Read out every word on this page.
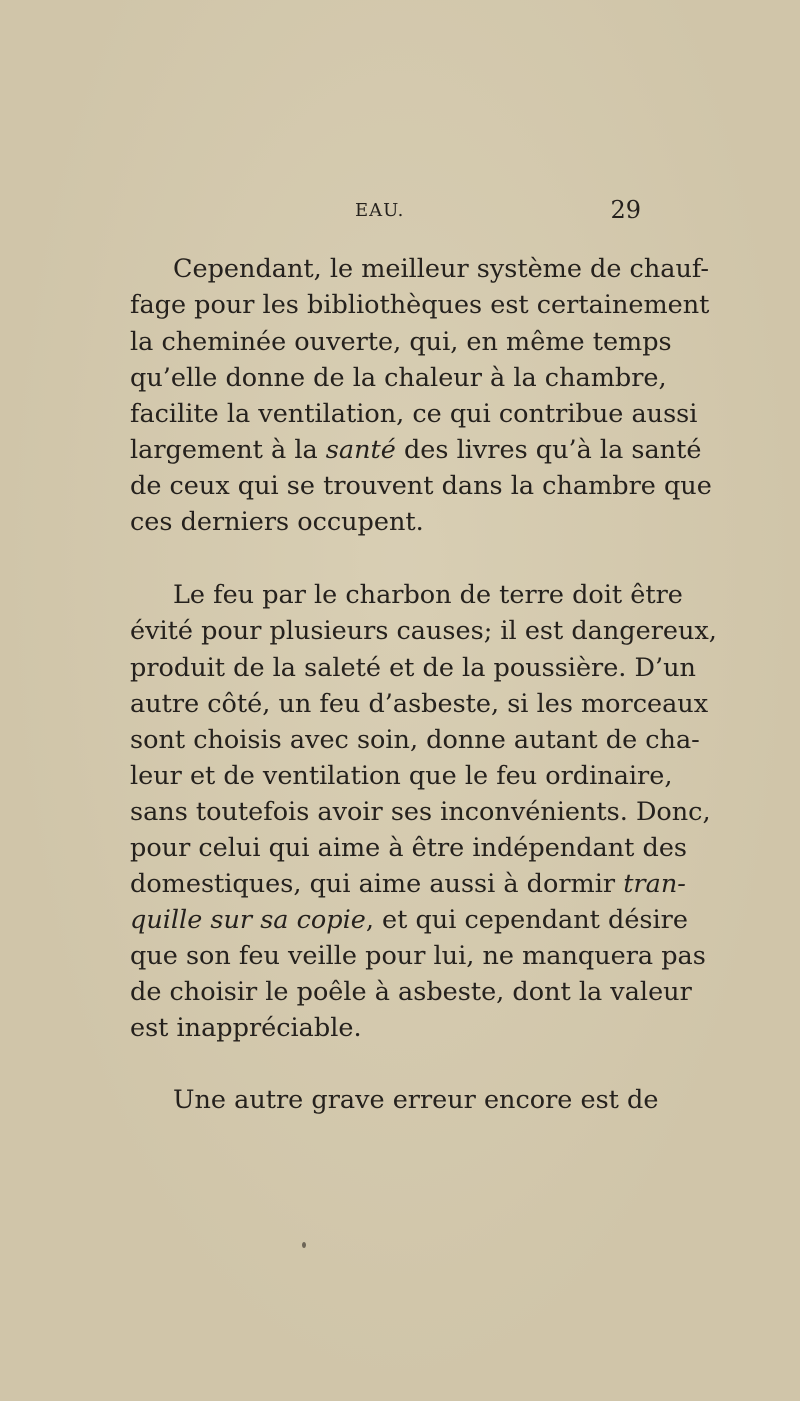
EAU.	29
Cependant, le meilleur système de chauf-
fage pour les bibliothèques est certainement
la cheminée ouverte, qui, en même temps
qu’elle donne de la chaleur à la chambre,
facilite la ventilation, ce qui contribue aussi
largement à la santé des livres qu’à la santé
de ceux qui se trouvent dans la chambre que
ces derniers occupent.
Le feu par le charbon de terre doit être
évité pour plusieurs causes; il est dangereux,
produit de la saleté et de la poussière. D’un
autre côté, un feu d’asbeste, si les morceaux
sont choisis avec soin, donne autant de cha-
leur et de ventilation que le feu ordinaire,
sans toutefois avoir ses inconvénients. Donc,
pour celui qui aime à être indépendant des
domestiques, qui aime aussi à dormir tran-
quille sur sa copie, et qui cependant désire
que son feu veille pour lui, ne manquera pas
de choisir le poêle à asbeste, dont la valeur
est inappréciable.
Une autre grave erreur encore est de
